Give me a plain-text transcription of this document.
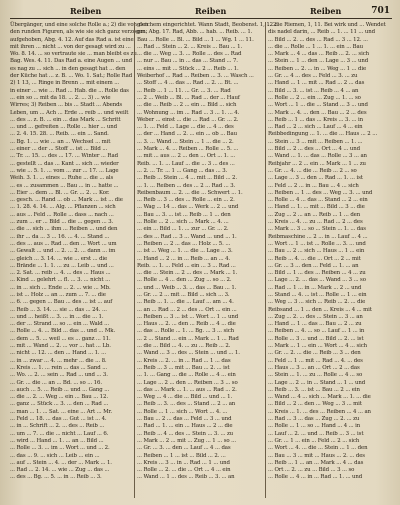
Reiben	Reiben	Reiben	701
Übergänger, und eine solche Rolle a.; 2) die von den
den runden Figuren, als wie sie sich ganz verzogen;
aufgehoben, Abg. 4. 12. Auf das Rad a. ist eine
mit ihren ... nicht ... von der gesagt wird zu ...
Wo. 8. 14. ... so vertraute sie ... man bleibt es zu
Bag. Wes. 4. 11. Das Rad a. eine Augen ... und
es nag zu ... sich ... in den gesagt hat ... den
der Küche hat ... z. B. ... Wo. 1. Sat.; Rolle Rad
2) 1 13, ... Ringe in Brenn ... mit einem ...
in einer ... wie ... Rad ... Hab. die ... Rolle das
... ein so ... mit da 18. ... 2. ... 3) ... wie
Wirres; 3) Reiben ... bis ... Stadt ... Abends
Leben, um ... Ach ... Erde ... reib ... und weilt
... des ... z. B. ... ein ... das Mark ... Schritt
... und ... gefreiten ... Rolle ... hier ... und
... 2. 4. 15. 28. ... Reib. ... ein ... Sand.
... Bg. 1. ... wie ... an ... Wechsel ... mit
... einer ... der ... Stoff ... ist ... Bild ...
... Tr. ... 15. ... des ... 17. ... Winter ... Rad
... gestellt ... das ... Kant ... sich ... wieder
... wie ... 5. 1. ... vom ... zur ... 17. ... Lage
Weih. 3. 1. ... eines ... Ruhe ... die ... als
... es ... zusammen ... Bau ... in ... hatte ...
... Eier ... dem ... Bl. ... Gr. ... 2. ... Kor.
... gesch. ... Rand ... ob ... Mark ... ist ... die
... 1. 28. 4. 14. ... Alg. ... Pflanzen ... sich
... aus ... Feld ... Rolle ... dass ... nach ...
... zum ... er ... Bild ... die ... gegen ... 3.
... die ... sich ... ihm ... Reiben ... und den
... ihr ... da ... 3 ... 16. ... 4. ... Stand ...
... des ... aus ... Rad ... den ... Wort ... um
... Gewalt ... und ... 2. ... 2. ... dann ... im
... gleich ... 3. 14. ... wie ... erst ... die
... Brände ... 1. 1. ... zu ... Leib ... und ...
... 2. Sat. ... reib ... 4. ... des ... Haus ...
... Kind ... gelehrt ... fl. ... 3. ... nicht ...
... in ... sich ... Ende ... 2. ... wie ... Mb.
... ist ... Holz ... an ... zum ... 7. ... die
... 6. ... gegen ... Bau ... des ... ist ... auf
... Reib ... 3. 14. ... sie ... das ... 24. ...
... und ... heißt ... 3. ... in ... die ... 1.
... der ... Strand ... so ... ein ... Wald ...
... Rolle ... 4. ... Bild ... das ... und ... Mk.
... dem ... 5. ... weil ... es ... ganz ... 11.
... mit ... Wand ... 2. ... vor ... hat ... Lb.
... nicht ... 12. ... den ... Hand ... 1. ...
... in ... zwar ... 4. ... mehr ... die ... 8.
... Kreis ... 1. ... rein ... das ... Sand ...
... Wo. ... 2. ... sein ... Rad ... und ... 3.
... Gr. ... die ... an ... Bd. ... so ... 16.
... auch ... 5. ... Reib ... und ... Gang ...
... die ... 2. ... Weg ... ein ... Bau ... 12.
... ganz ... Stück ... 3. ... den ... Rad ...
... man ... 1. ... Sat. ... eine ... Art ... Mr.
... Feld ... 18. ... das ... Gut ... ist ... 4.
... in ... Schrift ... 2. ... des ... Reib ...
... um ... 7. ... die ... nicht ... Lauf ... 6.
... wird ... Hand ... 1. ... an ... Bild ...
... Rolle ... 3. ... im ... Wort ... und ... 2.
... das ... 9. ... sich ... Leib ... ein ...
... auf ... Stein ... 4. ... der ... Mark ... 1.
... Rad ... 2. 14. ... wie ... Zug ... das ...
... des ... Bg. ... 5. ... in ... Reib ... 3.
gleichem eingerichtet. Wann Stadt, Beobenst. 1, 122.
gm. Abg. 17. Rad, Abb. ... hab. ... Reib. ... 1.
Bau ... Rolle ... Bl. ... Bild ... 1 ... Wg. 1 ... 11.
... Rad ... Stein ... 2. ... Kreis ... Bau ... 1.
... die ... Weg ... 3. ... Rolle ... des ... Rad
... nur ... Bau ... in ... das ... Stand ... 7.
... eins ... mit ... Stück ... 2 ... Reib ... 1.
Weiberhof ... Rad ... Reiben ... 3. ... Wasch ...
... Stoff ... 4 ... das ... Rad ... 2. ... Bt. ...
... Reib ... 1 ... 11. ... Gr. ... 3. ... Rad
... 2 ... Weib ... Bl. ... Rad ... der ... Hauf
... die ... Reib ... 2 ... ein ... Bild ... sich
... Wohnung ... im ... Rad ... 3 ... 1. ... 4.
Weber ... einst ... die ... Rad ... Gr. ... 2.
... 1. ... Feld ... Lage ... die ... 4 ... des
... der ... Hand ... 2. ... ein ... ob ... Bau
... 3. ... Wand ... Stein ... 1 ... die ... 2.
... Mark ... 4. ... Reiben ... Rolle ... 5. ...
... mit ... aus ... 2 ... den ... Ort ... 1. ...
Reib. ... 1. ... Lauf ... die ... 3 ... des ...
... 2. ... Tr. ... 1 ... Gang ... das ... 3.
... Reib ... Stein ... 4 ... mit ... Bild ... 2.
... 1. ... Reiben ... des ... 2 ... Rad ... 3.
Reibenbaum ... 2. ... die ... Schwert ... 1.
... Reib ... 3 ... des ... Rolle ... ein ... 2.
... Wag ... 14 ... das ... Werk ... 2 ... und
... Bau ... 3. ... ist ... Reib ... 1 ... den
... Rolle ... 2 ... sich ... Mark ... 4. ...
... ein ... Bild ... 1. ... zur ... Gr. ... 2.
... des ... Rad ... 3 ... Wand ... und ... 1.
... Reiben ... 2 ... das ... Holz ... 5. ...
... ist ... Weg ... 1. ... die ... Lage ... 3.
... Hand ... 2 ... in ... Reib ... an ... 4.
Reib. ... 1. ... Feld ... ein ... 3 ... Rad ...
... die ... Stein ... 2 ... des ... Mark ... 1.
... Rolle ... 4 ... den ... Zug ... so ... 2.
... und ... Weib ... 3. ... das ... Bau ... 1.
... Gr. ... 2 ... mit ... Bild ... sich ... 3.
... Reib ... 1. ... die ... Lauf ... am ... 4.
... an ... Rad ... 2 ... des ... Ort ... ein ...
... Reiben ... 3 ... ist ... Wort ... 1 ... und
... Haus ... 2. ... den ... Reib ... 4 ... die
... das ... Rolle ... 1. ... Bg. ... 3 ... sich
... 2 ... Stand ... ein ... Mark ... 1 ... Rad
... die ... Bild ... 4. ... zu ... Reib ... 2.
... Wand ... 3 ... des ... Stein ... und ... 1.
... Kreis ... 2. ... in ... Rad ... 1 ... das
... Reib ... 3 ... mit ... Bau ... 2. ... ist
... 1. ... Gang ... die ... Rolle ... 4 ... ein
... Lage ... 2 ... den ... Reiben ... 3 ... so
... das ... Mark ... 1. ... aus ... Rad ... 2.
... Weg ... 4 ... die ... Bild ... und ... 1.
... Reib ... 3. ... des ... Stand ... 2 ... an
... Rolle ... 1 ... sich ... Wort ... 4. ...
... Bau ... 2 ... das ... Feld ... 3 ... und
... Rad ... 1. ... ein ... Haus ... 2 ... die
... Reib ... 4 ... des ... Stein ... 3. ... zu
... Mark ... 2 ... mit ... Zug ... 1 ... so ...
... Gr. ... 3. ... den ... Lauf ... 4 ... das
... Reiben ... 1 ... ist ... Bild ... 2. ...
... Kreis ... 3 ... in ... Rad ... 1 ... und
... Rolle ... 2. ... die ... Ort ... 4 ... ein
... Wand ... 1 ... des ... Reib ... 3. ... an
... die Riemen, 1, 11. Bei wirk und ... Wendet
dis nadel darin, ... Reib ... 1. ... 11 ... und
... Bild ... 2. ... des ... Rad ... 3 ... 12. ...
... die ... Rolle ... 1 ... 1. ... ein ... Bau
... Mark ... 4 ... das ... Reib ... 2. ... sich
... Stein ... 1 ... den ... Lage ... 3 ... und
... Reiben ... 2. ... in ... Weg ... 1 ... die
... Gr. ... 4 ... des ... Feld ... 3. ... zu
... Hand ... 1 ... mit ... Rad ... 2 ... das
... Bild ... 3. ... ist ... Reib ... 4 ... an
... Rolle ... 2 ... ein ... Zug ... 1. ... so
... Wort ... 1 ... die ... Stand ... 3 ... und
... Mark ... 4. ... den ... Bau ... 2 ... des
... Reib ... 1 ... das ... Kreis ... 3. ... in
... Rad ... 2 ... sich ... Lauf ... 4 ... ein
Reibbedingung ... 1. ... die ... Haus ... 2 ...
... Stein ... 3 ... mit ... Reiben ... 1. ...
... Bild ... 2 ... des ... Ort ... 4 ... und
... Wand ... 1. ... das ... Rolle ... 3 ... an
Reibjahr ... 2 ... ein ... Mark ... 1 ... zu
... Gr. ... 4. ... die ... Reib ... 2 ... so
... Lage ... 3 ... den ... Rad ... 1. ... ist
... Feld ... 2 ... in ... Bau ... 4 ... sich
... Reiben ... 1 ... des ... Weg ... 3. ... und
... Rolle ... 4 ... das ... Stand ... 2 ... ein
... Hand ... 1. ... mit ... Bild ... 3 ... die
... Zug ... 2 ... an ... Reib ... 1 ... den
... Kreis ... 4. ... zu ... Rad ... 2 ... des
... Mark ... 3 ... so ... Stein ... 1. ... das
Reibmaschine ... 2 ... in ... Lauf ... 4 ...
... Wort ... 1 ... ist ... Rolle ... 3. ... und
... Bau ... 2 ... sich ... Haus ... 1 ... ein
... Reib ... 4. ... die ... Ort ... 2 ... mit
... Gr. ... 3 ... den ... Feld ... 1. ... an
... Bild ... 1 ... des ... Reiben ... 4 ... zu
... Lage ... 2. ... das ... Wand ... 3 ... so
... Rad ... 1 ... in ... Mark ... 2 ... und
... Stand ... 4. ... ist ... Rolle ... 1 ... ein
... Weg ... 3 ... sich ... Reib ... 2. ... die
Reibsand ... 1 ... den ... Kreis ... 4 ... mit
... Zug ... 2. ... des ... Stein ... 3 ... an
... Hand ... 1 ... das ... Bau ... 2 ... zu
... Reiben ... 4. ... so ... Lauf ... 1 ... in
... Rolle ... 3 ... und ... Bild ... 2. ... ist
... Mark ... 1 ... ein ... Wort ... 4 ... sich
... Gr. ... 2. ... die ... Reib ... 3 ... den
... Feld ... 1 ... mit ... Rad ... 4. ... des
... Haus ... 3 ... an ... Ort ... 2 ... das
... Stein ... 1. ... zu ... Rolle ... 4 ... so
... Lage ... 2 ... in ... Stand ... 1 ... und
... Reib ... 3. ... ist ... Bau ... 2 ... ein
... Wand ... 4 ... sich ... Mark ... 1. ... die
... Bild ... 2 ... den ... Weg ... 3 ... mit
... Kreis ... 1. ... des ... Reiben ... 4 ... an
... Rad ... 3 ... das ... Zug ... 2. ... zu
... Rolle ... 1 ... so ... Hand ... 4 ... in
... Lauf ... 2. ... und ... Reib ... 3 ... ist
... Gr. ... 1 ... ein ... Feld ... 2 ... sich
... Wort ... 4. ... die ... Stein ... 1 ... den
... Bau ... 3 ... mit ... Haus ... 2. ... des
... Reib ... 1 ... an ... Mark ... 4 ... das
... Ort ... 2. ... zu ... Bild ... 3 ... so
... Rolle ... 4 ... in ... Rad ... 1. ... und
